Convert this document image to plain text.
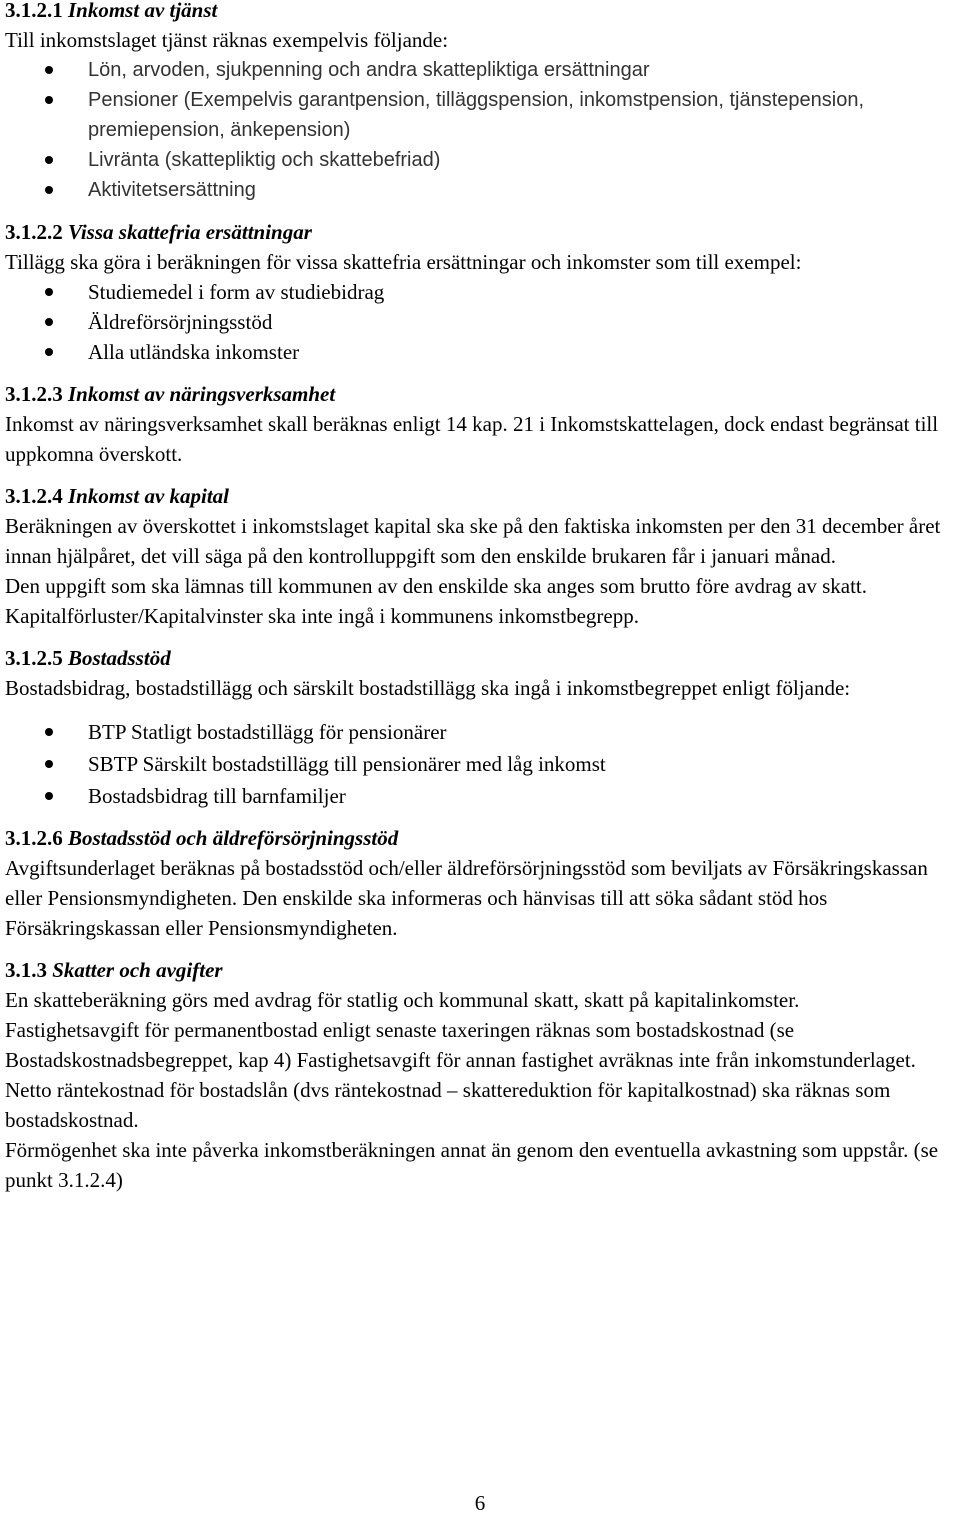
3.1.2.1 Inkomst av tjänst
Till inkomstslaget tjänst räknas exempelvis följande:
Lön, arvoden, sjukpenning och andra skattepliktiga ersättningar
Pensioner (Exempelvis garantpension, tilläggspension, inkomstpension, tjänstepension, premiepension, änkepension)
Livränta (skattepliktig och skattebefriad)
Aktivitetsersättning
3.1.2.2 Vissa skattefria ersättningar
Tillägg ska göra i beräkningen för vissa skattefria ersättningar och inkomster som till exempel:
Studiemedel i form av studiebidrag
Äldreförsörjningsstöd
Alla utländska inkomster
3.1.2.3 Inkomst av näringsverksamhet
Inkomst av näringsverksamhet skall beräknas enligt 14 kap. 21 i Inkomstskattelagen, dock endast begränsat till uppkomna överskott.
3.1.2.4 Inkomst av kapital
Beräkningen av överskottet i inkomstslaget kapital ska ske på den faktiska inkomsten per den 31 december året innan hjälpåret, det vill säga på den kontrolluppgift som den enskilde brukaren får i januari månad.
Den uppgift som ska lämnas till kommunen av den enskilde ska anges som brutto före avdrag av skatt.
Kapitalförluster/Kapitalvinster ska inte ingå i kommunens inkomstbegrepp.
3.1.2.5 Bostadsstöd
Bostadsbidrag, bostadstillägg och särskilt bostadstillägg ska ingå i inkomstbegreppet enligt följande:
BTP Statligt bostadstillägg för pensionärer
SBTP Särskilt bostadstillägg till pensionärer med låg inkomst
Bostadsbidrag till barnfamiljer
3.1.2.6 Bostadsstöd och äldreförsörjningsstöd
Avgiftsunderlaget beräknas på bostadsstöd och/eller äldreförsörjningsstöd som beviljats av Försäkringskassan eller Pensionsmyndigheten. Den enskilde ska informeras och hänvisas till att söka sådant stöd hos Försäkringskassan eller Pensionsmyndigheten.
3.1.3 Skatter och avgifter
En skatteberäkning görs med avdrag för statlig och kommunal skatt, skatt på kapitalinkomster.
Fastighetsavgift för permanentbostad enligt senaste taxeringen räknas som bostadskostnad (se Bostadskostnadsbegreppet, kap 4) Fastighetsavgift för annan fastighet avräknas inte från inkomstunderlaget. Netto räntekostnad för bostadslån (dvs räntekostnad – skattereduktion för kapitalkostnad) ska räknas som bostadskostnad.
Förmögenhet ska inte påverka inkomstberäkningen annat än genom den eventuella avkastning som uppstår. (se punkt 3.1.2.4)
6
